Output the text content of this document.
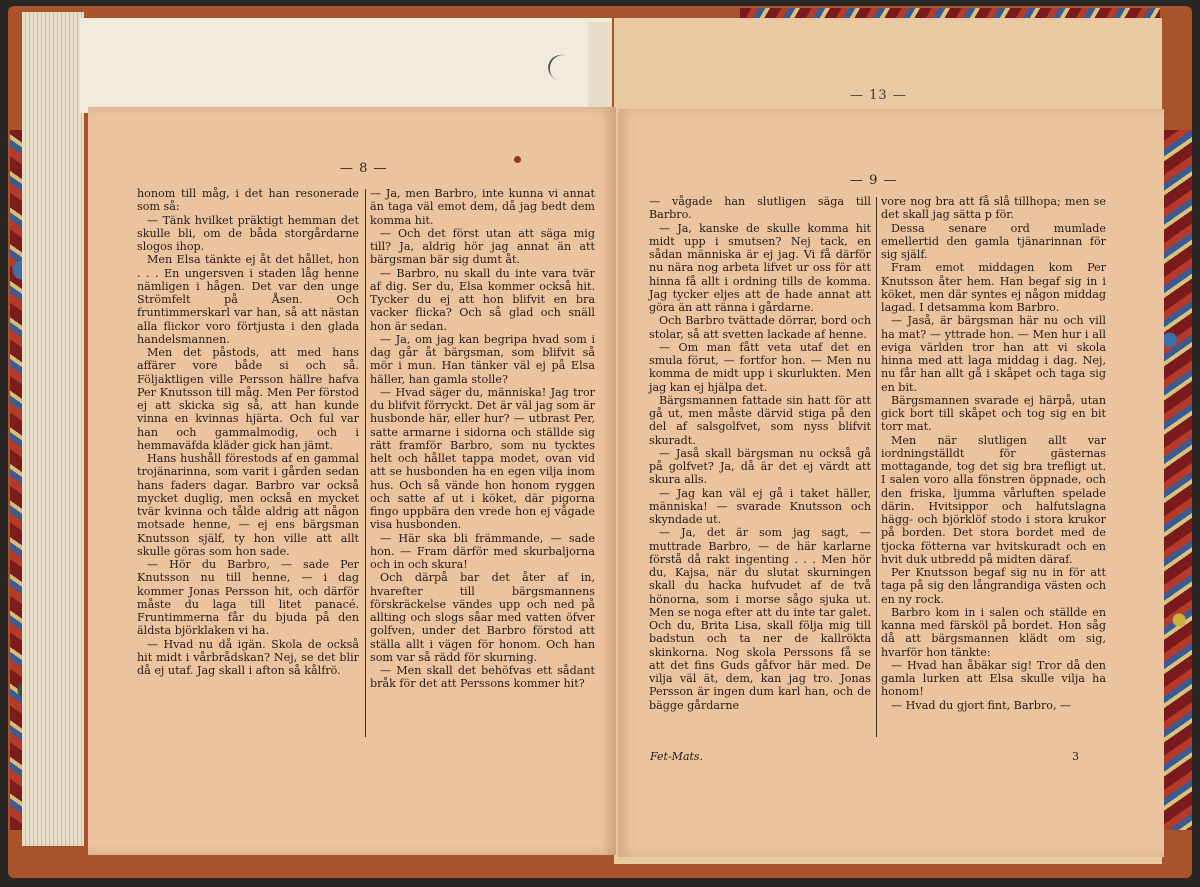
— 13 —
— 8 —

honom till måg, i det han resonerade som så:

— Tänk hvilket präktigt hemman det skulle bli, om de båda storgårdarne slogos ihop.

Men Elsa tänkte ej åt det hållet, hon . . . En ungersven i staden låg henne nämligen i hågen. Det var den unge Strömfelt på Åsen. Och fruntimmerskarl var han, så att nästan alla flickor voro förtjusta i den glada handelsmannen.

Men det påstods, att med hans affärer vore både si och så. Följaktligen ville Persson hällre hafva Per Knutsson till måg. Men Per förstod ej att skicka sig så, att han kunde vinna en kvinnas hjärta. Och ful var han och gammalmodig, och i hemmaväfda kläder gick han jämt.

Hans hushåll förestods af en gammal trojänarinna, som varit i gården sedan hans faders dagar. Barbro var också mycket duglig, men också en mycket tvär kvinna och tålde aldrig att någon motsade henne, — ej ens bärgsman Knutsson själf, ty hon ville att allt skulle göras som hon sade.

— Hör du Barbro, — sade Per Knutsson nu till henne, — i dag kommer Jonas Persson hit, och därför måste du laga till litet panacé. Fruntimmerna får du bjuda på den äldsta björklaken vi ha.

— Hvad nu då igän. Skola de också hit midt i vårbrådskan? Nej, se det blir då ej utaf. Jag skall i afton så kålfrö.

— Ja, men Barbro, inte kunna vi annat än taga väl emot dem, då jag bedt dem komma hit.

— Och det först utan att säga mig till? Ja, aldrig hör jag annat än att bärgsman bär sig dumt åt.

— Barbro, nu skall du inte vara tvär af dig. Ser du, Elsa kommer också hit. Tycker du ej att hon blifvit en bra vacker flicka? Och så glad och snäll hon är sedan.

— Ja, om jag kan begripa hvad som i dag går åt bärgsman, som blifvit så mör i mun. Han tänker väl ej på Elsa häller, han gamla stolle?

— Hvad säger du, människa! Jag tror du blifvit förryckt. Det är väl jag som är husbonde här, eller hur? — utbrast Per, satte armarne i sidorna och ställde sig rätt framför Barbro, som nu tycktes helt och hållet tappa modet, ovan vid att se husbonden ha en egen vilja inom hus. Och så vände hon honom ryggen och satte af ut i köket, där pigorna fingo uppbära den vrede hon ej vågade visa husbonden.

— Här ska bli främmande, — sade hon. — Fram därför med skurbaljorna och in och skura!

Och därpå bar det åter af in, hvarefter till bärgsmannens förskräckelse vändes upp och ned på allting och slogs såar med vatten öfver golfven, under det Barbro förstod att ställa allt i vägen för honom. Och han som var så rädd för skurning.

— Men skall det behöfvas ett sådant bråk för det att Perssons kommer hit?

— 9 —

— vågade han slutligen säga till Barbro.

— Ja, kanske de skulle komma hit midt upp i smutsen? Nej tack, en sådan människa är ej jag. Vi få därför nu nära nog arbeta lifvet ur oss för att hinna få allt i ordning tills de komma. Jag tycker eljes att de hade annat att göra än att ränna i gårdarne.

Och Barbro tvättade dörrar, bord och stolar, så att svetten lackade af henne.

— Om man fått veta utaf det en smula förut, — fortfor hon. — Men nu komma de midt upp i skurlukten. Men jag kan ej hjälpa det.

Bärgsmannen fattade sin hatt för att gå ut, men måste därvid stiga på den del af salsgolfvet, som nyss blifvit skuradt.

— Jaså skall bärgsman nu också gå på golfvet? Ja, då är det ej värdt att skura alls.

— Jag kan väl ej gå i taket häller, människa! — svarade Knutsson och skyndade ut.

— Ja, det är som jag sagt, — muttrade Barbro, — de här karlarne förstå då rakt ingenting . . . Men hör du, Kajsa, när du slutat skurningen skall du hacka hufvudet af de två hönorna, som i morse sågo sjuka ut. Men se noga efter att du inte tar galet. Och du, Brita Lisa, skall följa mig till badstun och ta ner de kallrökta skinkorna. Nog skola Perssons få se att det fins Guds gåfvor här med. De vilja väl ät, dem, kan jag tro. Jonas Persson är ingen dum karl han, och de bägge gårdarne

vore nog bra att få slå tillhopa; men se det skall jag sätta p för.

Dessa senare ord mumlade emellertid den gamla tjänarinnan för sig själf.

Fram emot middagen kom Per Knutsson åter hem. Han begaf sig in i köket, men där syntes ej någon middag lagad. I detsamma kom Barbro.

— Jaså, är bärgsman här nu och vill ha mat? — yttrade hon. — Men hur i all eviga världen tror han att vi skola hinna med att laga middag i dag. Nej, nu får han allt gå i skåpet och taga sig en bit.

Bärgsmannen svarade ej härpå, utan gick bort till skåpet och tog sig en bit torr mat.

Men när slutligen allt var iordningställdt för gästernas mottagande, tog det sig bra trefligt ut. I salen voro alla fönstren öppnade, och den friska, ljumma vårluften spelade därin. Hvitsippor och halfutslagna hägg- och björklöf stodo i stora krukor på borden. Det stora bordet med de tjocka fötterna var hvitskuradt och en hvit duk utbredd på midten däraf.

Per Knutsson begaf sig nu in för att taga på sig den långrandiga västen och en ny rock.

Barbro kom in i salen och ställde en kanna med färsköl på bordet. Hon såg då att bärgsmannen klädt om sig, hvarför hon tänkte:

— Hvad han åbäkar sig! Tror då den gamla lurken att Elsa skulle vilja ha honom!

— Hvad du gjort fint, Barbro, —

Fet-Mats.	3
